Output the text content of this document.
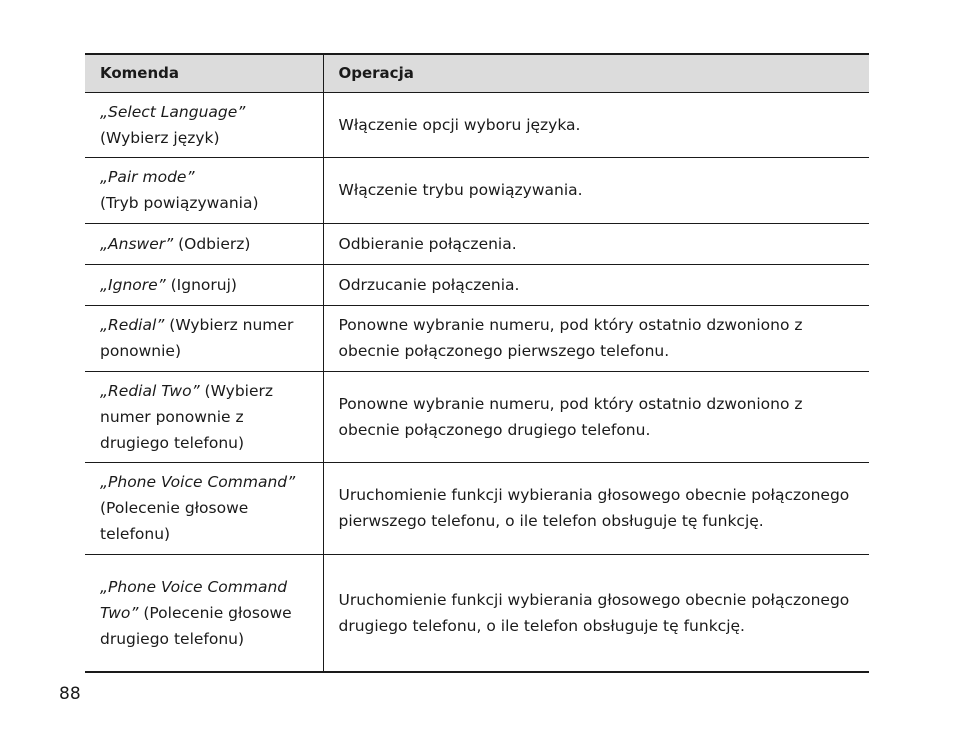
Komenda	Operacja
„Select Language”
(Wybierz język)	Włączenie opcji wyboru języka.
„Pair mode”
(Tryb powiązywania)	Włączenie trybu powiązywania.
„Answer” (Odbierz)	Odbieranie połączenia.
„Ignore” (Ignoruj)	Odrzucanie połączenia.
„Redial” (Wybierz numer ponownie)	Ponowne wybranie numeru, pod który ostatnio dzwoniono z obecnie połączonego pierwszego telefonu.
„Redial Two” (Wybierz numer ponownie z drugiego telefonu)	Ponowne wybranie numeru, pod który ostatnio dzwoniono z obecnie połączonego drugiego telefonu.
„Phone Voice Command”
(Polecenie głosowe telefonu)	Uruchomienie funkcji wybierania głosowego obecnie połączonego pierwszego telefonu, o ile telefon obsługuje tę funkcję.
„Phone Voice Command Two” (Polecenie głosowe drugiego telefonu)	Uruchomienie funkcji wybierania głosowego obecnie połączonego drugiego telefonu, o ile telefon obsługuje tę funkcję.
88
